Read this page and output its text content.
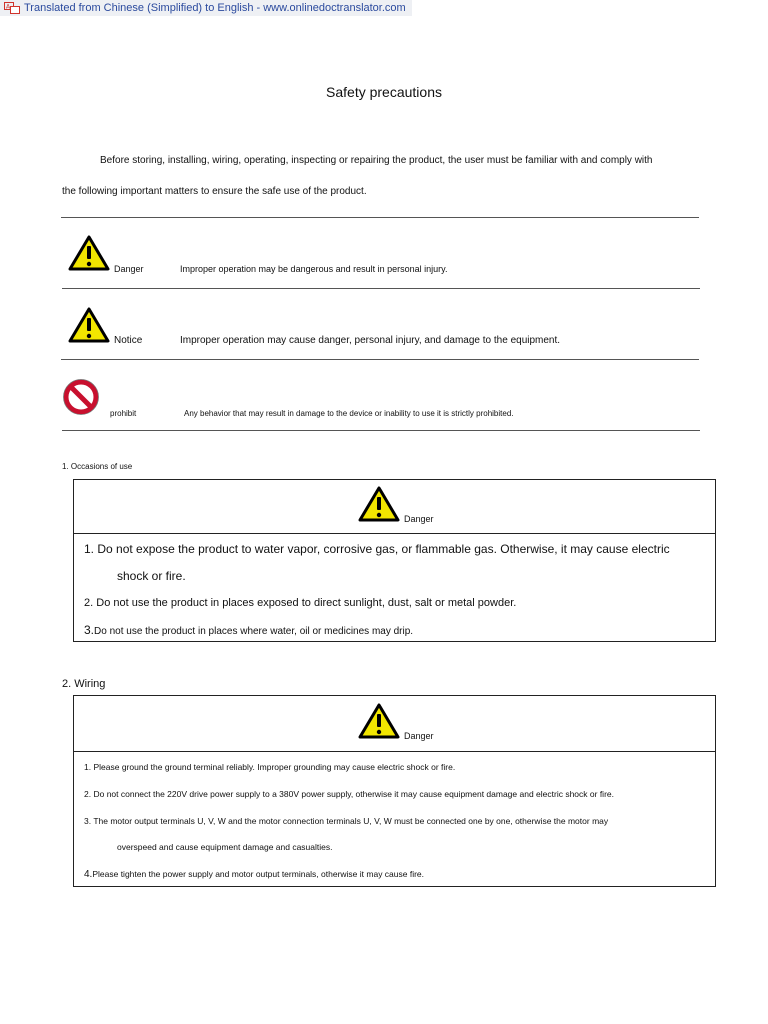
A Translated from Chinese (Simplified) to English - www.onlinedoctranslator.com
Safety precautions
Before storing, installing, wiring, operating, inspecting or repairing the product, the user must be familiar with and comply with
the following important matters to ensure the safe use of the product.
Danger	Improper operation may be dangerous and result in personal injury.
Notice	Improper operation may cause danger, personal injury, and damage to the equipment.
prohibit	Any behavior that may result in damage to the device or inability to use it is strictly prohibited.
1. Occasions of use
Danger
1. Do not expose the product to water vapor, corrosive gas, or flammable gas. Otherwise, it may cause electric
shock or fire.
2. Do not use the product in places exposed to direct sunlight, dust, salt or metal powder.
3.Do not use the product in places where water, oil or medicines may drip.
2. Wiring
Danger
1. Please ground the ground terminal reliably. Improper grounding may cause electric shock or fire.
2. Do not connect the 220V drive power supply to a 380V power supply, otherwise it may cause equipment damage and electric shock or fire.
3. The motor output terminals U, V, W and the motor connection terminals U, V, W must be connected one by one, otherwise the motor may
overspeed and cause equipment damage and casualties.
4.Please tighten the power supply and motor output terminals, otherwise it may cause fire.
